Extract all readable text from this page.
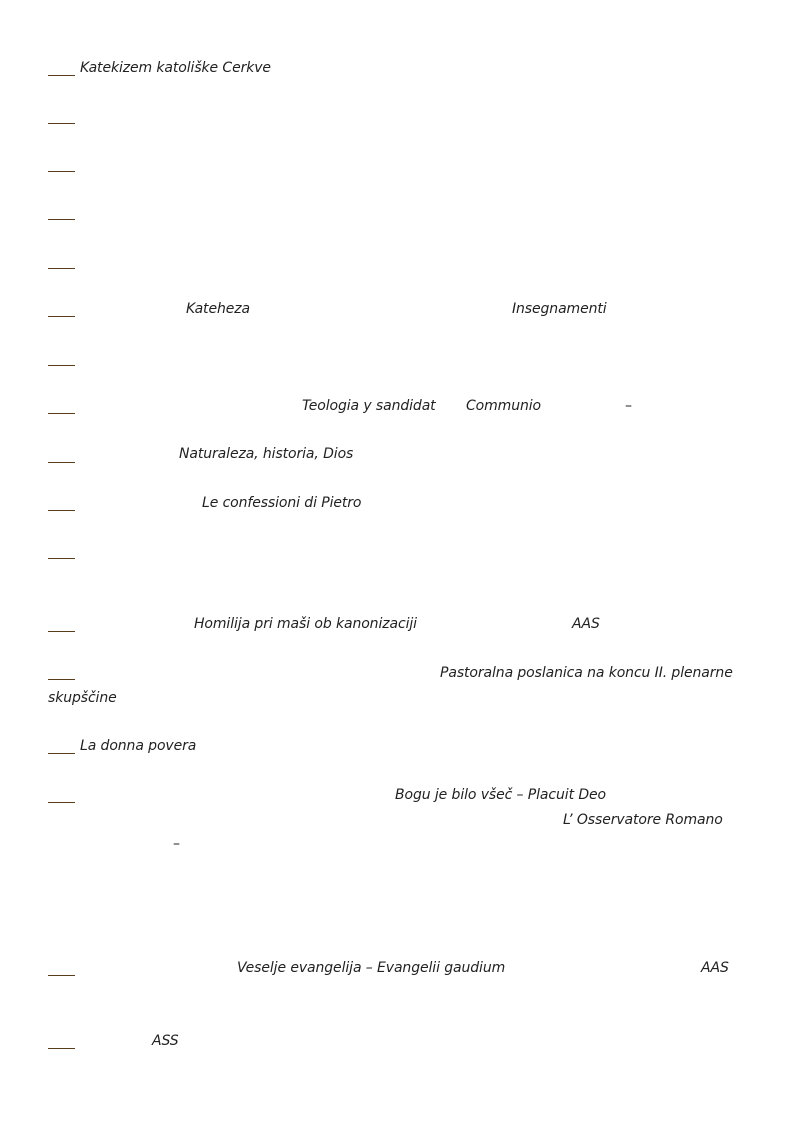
Katekizem katoliške Cerkve
Kateheza	Insegnamenti
Teologia y sandidat Communio	–
Naturaleza, historia, Dios
Le confessioni di Pietro
Homilija pri maši ob kanonizaciji	AAS
Pastoralna poslanica na koncu II. plenarne
skupščine
La donna povera
Bogu je bilo všeč – Placuit Deo
L’ Osservatore Romano
–
Veselje evangelija – Evangelii gaudium	AAS
ASS
